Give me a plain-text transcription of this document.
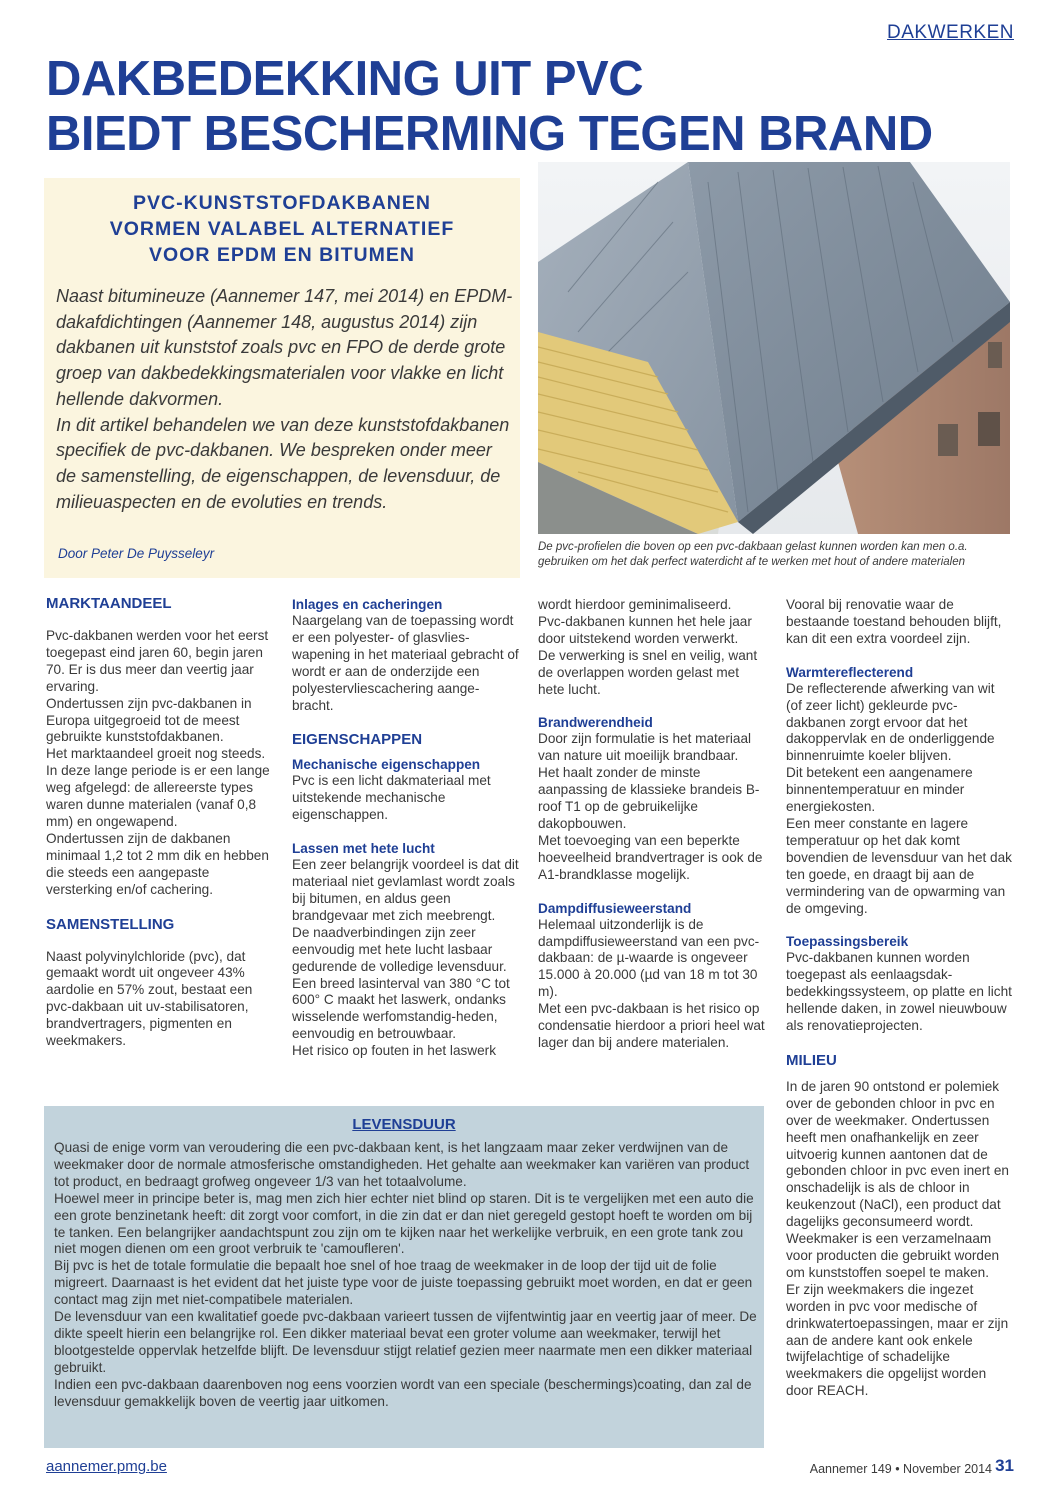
DAKWERKEN
DAKBEDEKKING UIT PVC
BIEDT BESCHERMING TEGEN BRAND
PVC-KUNSTSTOFDAKBANEN
VORMEN VALABEL ALTERNATIEF
VOOR EPDM EN BITUMEN

Naast bitumineuze (Aannemer 147, mei 2014) en EPDM-dakafdichtingen (Aannemer 148, augustus 2014) zijn dakbanen uit kunststof zoals pvc en FPO de derde grote groep van dakbedekkingsmaterialen voor vlakke en licht hellende dakvormen.

In dit artikel behandelen we van deze kunststofdakbanen specifiek de pvc-dakbanen. We bespreken onder meer de samenstelling, de eigenschappen, de levensduur, de milieuaspecten en de evoluties en trends.

Door Peter De Puysseleyr	De pvc-profielen die boven op een pvc-dakbaan gelast kunnen worden kan men o.a. gebruiken om het dak perfect waterdicht af te werken met hout of andere materialen

MARKTAANDEEL

Pvc-dakbanen werden voor het eerst toegepast eind jaren 60, begin jaren 70. Er is dus meer dan veertig jaar ervaring.

Ondertussen zijn pvc-dakbanen in Europa uitgegroeid tot de meest gebruikte kunststofdakbanen.

Het marktaandeel groeit nog steeds.

In deze lange periode is er een lange weg afgelegd: de allereerste types waren dunne materialen (vanaf 0,8 mm) en ongewapend.

Ondertussen zijn de dakbanen minimaal 1,2 tot 2 mm dik en hebben die steeds een aangepaste versterking en/of cachering.

SAMENSTELLING

Naast polyvinylchloride (pvc), dat gemaakt wordt uit ongeveer 43% aardolie en 57% zout, bestaat een pvc-dakbaan uit uv-stabilisatoren, brandvertragers, pigmenten en weekmakers.

Inlages en cacheringen

Naargelang van de toepassing wordt er een polyester- of glasvlies-wapening in het materiaal gebracht of wordt er aan de onderzijde een polyestervliescachering aange-bracht.

EIGENSCHAPPEN
Mechanische eigenschappen

Pvc is een licht dakmateriaal met uitstekende mechanische eigenschappen.

Lassen met hete lucht

Een zeer belangrijk voordeel is dat dit materiaal niet gevlamlast wordt zoals bij bitumen, en aldus geen brandgevaar met zich meebrengt.

De naadverbindingen zijn zeer eenvoudig met hete lucht lasbaar gedurende de volledige levensduur.

Een breed lasinterval van 380 °C tot 600° C maakt het laswerk, ondanks wisselende werfomstandig-heden, eenvoudig en betrouwbaar.

Het risico op fouten in het laswerk

wordt hierdoor geminimaliseerd.

Pvc-dakbanen kunnen het hele jaar door uitstekend worden verwerkt.

De verwerking is snel en veilig, want de overlappen worden gelast met hete lucht.

Brandwerendheid

Door zijn formulatie is het materiaal van nature uit moeilijk brandbaar.

Het haalt zonder de minste aanpassing de klassieke brandeis B-roof T1 op de gebruikelijke dakopbouwen.

Met toevoeging van een beperkte hoeveelheid brandvertrager is ook de A1-brandklasse mogelijk.

Dampdiffusieweerstand

Helemaal uitzonderlijk is de dampdiffusieweerstand van een pvc-dakbaan: de µ-waarde is ongeveer 15.000 à 20.000 (µd van 18 m tot 30 m).

Met een pvc-dakbaan is het risico op condensatie hierdoor a priori heel wat lager dan bij andere materialen.

Vooral bij renovatie waar de bestaande toestand behouden blijft, kan dit een extra voordeel zijn.

Warmtereflecterend

De reflecterende afwerking van wit (of zeer licht) gekleurde pvc-dakbanen zorgt ervoor dat het dakoppervlak en de onderliggende binnenruimte koeler blijven.

Dit betekent een aangenamere binnentemperatuur en minder energiekosten.

Een meer constante en lagere temperatuur op het dak komt bovendien de levensduur van het dak ten goede, en draagt bij aan de vermindering van de opwarming van de omgeving.

Toepassingsbereik

Pvc-dakbanen kunnen worden toegepast als eenlaagsdak-bedekkingssysteem, op platte en licht hellende daken, in zowel nieuwbouw als renovatieprojecten.

MILIEU

In de jaren 90 ontstond er polemiek over de gebonden chloor in pvc en over de weekmaker. Ondertussen heeft men onafhankelijk en zeer uitvoerig kunnen aantonen dat de gebonden chloor in pvc even inert en onschadelijk is als de chloor in keukenzout (NaCl), een product dat dagelijks geconsumeerd wordt.

Weekmaker is een verzamelnaam voor producten die gebruikt worden om kunststoffen soepel te maken.

Er zijn weekmakers die ingezet worden in pvc voor medische of drinkwatertoepassingen, maar er zijn aan de andere kant ook enkele twijfelachtige of schadelijke weekmakers die opgelijst worden door REACH.

LEVENSDUUR

Quasi de enige vorm van veroudering die een pvc-dakbaan kent, is het langzaam maar zeker verdwijnen van de weekmaker door de normale atmosferische omstandigheden. Het gehalte aan weekmaker kan variëren van product tot product, en bedraagt grofweg ongeveer 1/3 van het totaalvolume.

Hoewel meer in principe beter is, mag men zich hier echter niet blind op staren. Dit is te vergelijken met een auto die een grote benzinetank heeft: dit zorgt voor comfort, in die zin dat er dan niet geregeld gestopt hoeft te worden om bij te tanken. Een belangrijker aandachtspunt zou zijn om te kijken naar het werkelijke verbruik, en een grote tank zou niet mogen dienen om een groot verbruik te 'camoufleren'.

Bij pvc is het de totale formulatie die bepaalt hoe snel of hoe traag de weekmaker in de loop der tijd uit de folie migreert. Daarnaast is het evident dat het juiste type voor de juiste toepassing gebruikt moet worden, en dat er geen contact mag zijn met niet-compatibele materialen.

De levensduur van een kwalitatief goede pvc-dakbaan varieert tussen de vijfentwintig jaar en veertig jaar of meer. De dikte speelt hierin een belangrijke rol. Een dikker materiaal bevat een groter volume aan weekmaker, terwijl het blootgestelde oppervlak hetzelfde blijft. De levensduur stijgt relatief gezien meer naarmate men een dikker materiaal gebruikt.

Indien een pvc-dakbaan daarenboven nog eens voorzien wordt van een speciale (beschermings)coating, dan zal de levensduur gemakkelijk boven de veertig jaar uitkomen.

aannemer.pmg.be	Aannemer 149 • November 2014 31
